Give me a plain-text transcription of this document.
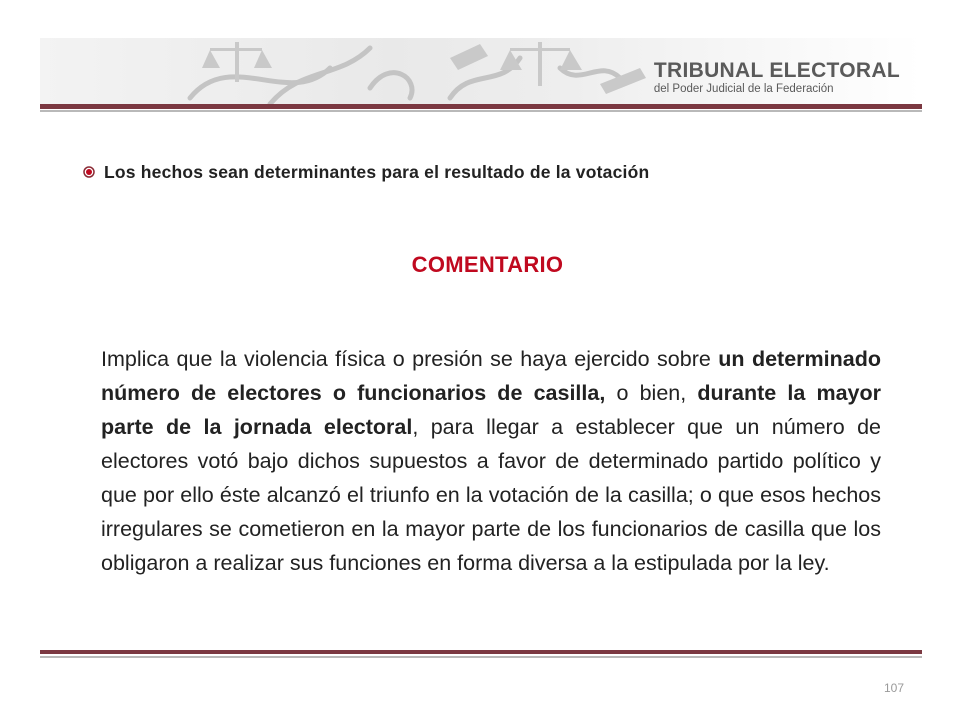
TRIBUNAL ELECTORAL
del Poder Judicial de la Federación
Los hechos sean determinantes para el resultado de la votación
COMENTARIO
Implica que la violencia física o presión se haya ejercido sobre un determinado número de electores o funcionarios de casilla, o bien, durante la mayor parte de la jornada electoral, para llegar a establecer que un número de electores votó bajo dichos supuestos a favor de determinado partido político y que por ello éste alcanzó el triunfo en la votación de la casilla; o que esos hechos irregulares se cometieron en la mayor parte de los funcionarios de casilla que los obligaron a realizar sus funciones en forma diversa a la estipulada por la ley.
107
